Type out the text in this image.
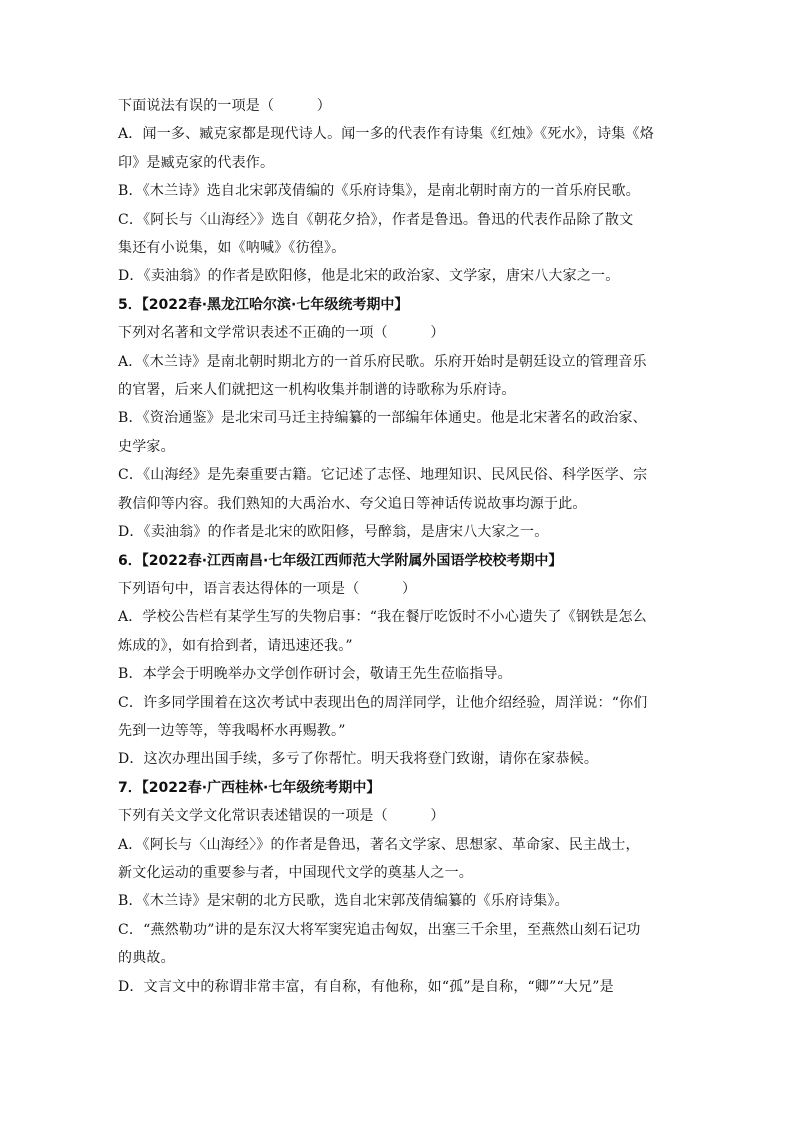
下面说法有误的一项是（　　　）
A．闻一多、臧克家都是现代诗人。闻一多的代表作有诗集《红烛》《死水》，诗集《烙
印》是臧克家的代表作。
B．《木兰诗》选自北宋郭茂倩编的《乐府诗集》，是南北朝时南方的一首乐府民歌。
C．《阿长与〈山海经〉》选自《朝花夕拾》，作者是鲁迅。鲁迅的代表作品除了散文
集还有小说集，如《呐喊》《彷徨》。
D．《卖油翁》的作者是欧阳修，他是北宋的政治家、文学家，唐宋八大家之一。
5．【2022春·黑龙江哈尔滨·七年级统考期中】
下列对名著和文学常识表述不正确的一项（　　　）
A．《木兰诗》是南北朝时期北方的一首乐府民歌。乐府开始时是朝廷设立的管理音乐
的官署，后来人们就把这一机构收集并制谱的诗歌称为乐府诗。
B．《资治通鉴》是北宋司马迁主持编纂的一部编年体通史。他是北宋著名的政治家、
史学家。
C．《山海经》是先秦重要古籍。它记述了志怪、地理知识、民风民俗、科学医学、宗
教信仰等内容。我们熟知的大禹治水、夸父追日等神话传说故事均源于此。
D．《卖油翁》的作者是北宋的欧阳修，号醉翁，是唐宋八大家之一。
6．【2022春·江西南昌·七年级江西师范大学附属外国语学校校考期中】
下列语句中，语言表达得体的一项是（　　　）
A．学校公告栏有某学生写的失物启事：“我在餐厅吃饭时不小心遗失了《钢铁是怎么
炼成的》，如有拾到者，请迅速还我。”
B．本学会于明晚举办文学创作研讨会，敬请王先生莅临指导。
C．许多同学围着在这次考试中表现出色的周洋同学，让他介绍经验，周洋说：“你们
先到一边等等，等我喝杯水再赐教。”
D．这次办理出国手续，多亏了你帮忙。明天我将登门致谢，请你在家恭候。
7．【2022春·广西桂林·七年级统考期中】
下列有关文学文化常识表述错误的一项是（　　　）
A．《阿长与〈山海经〉》的作者是鲁迅，著名文学家、思想家、革命家、民主战士，
新文化运动的重要参与者，中国现代文学的奠基人之一。
B．《木兰诗》是宋朝的北方民歌，选自北宋郭茂倩编纂的《乐府诗集》。
C．“燕然勒功”讲的是东汉大将军窦宪追击匈奴，出塞三千余里，至燕然山刻石记功
的典故。
D．文言文中的称谓非常丰富，有自称，有他称，如“孤”是自称，“卿”“大兄”是
